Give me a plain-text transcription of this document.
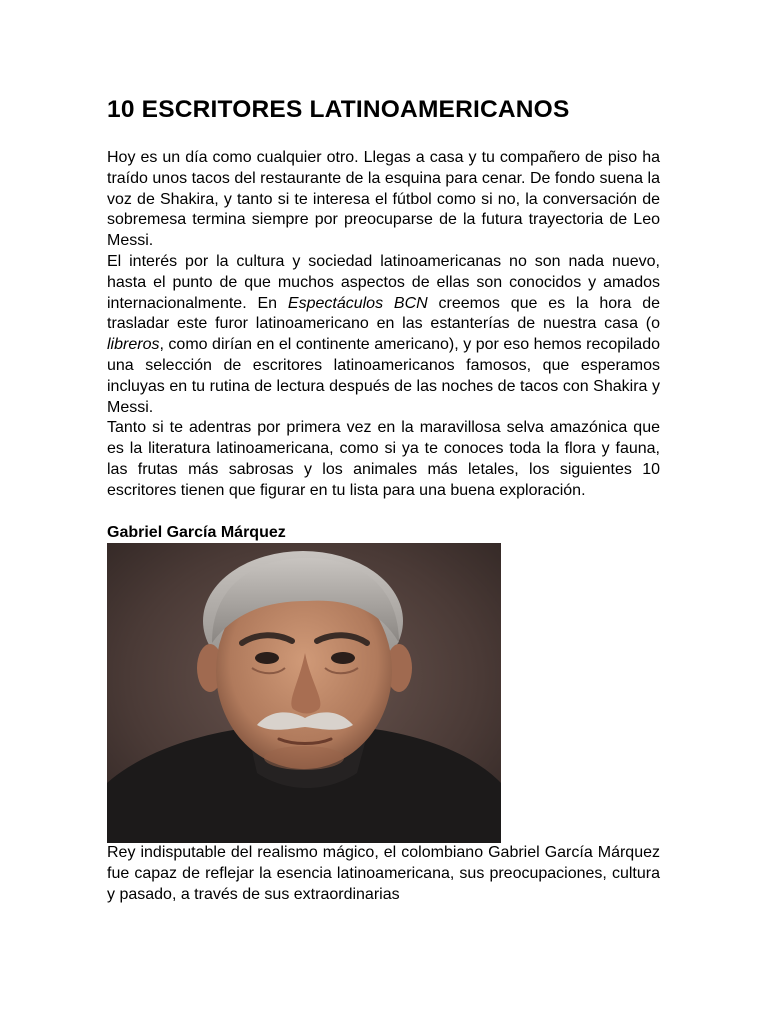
10 ESCRITORES LATINOAMERICANOS

Hoy es un día como cualquier otro. Llegas a casa y tu compañero de piso ha traído unos tacos del restaurante de la esquina para cenar. De fondo suena la voz de Shakira, y tanto si te interesa el fútbol como si no, la conversación de sobremesa termina siempre por preocuparse de la futura trayectoria de Leo Messi.

El interés por la cultura y sociedad latinoamericanas no son nada nuevo, hasta el punto de que muchos aspectos de ellas son conocidos y amados internacionalmente. En Espectáculos BCN creemos que es la hora de trasladar este furor latinoamericano en las estanterías de nuestra casa (o libreros, como dirían en el continente americano), y por eso hemos recopilado una selección de escritores latinoamericanos famosos, que esperamos incluyas en tu rutina de lectura después de las noches de tacos con Shakira y Messi.

Tanto si te adentras por primera vez en la maravillosa selva amazónica que es la literatura latinoamericana, como si ya te conoces toda la flora y fauna, las frutas más sabrosas y los animales más letales, los siguientes 10 escritores tienen que figurar en tu lista para una buena exploración.

Gabriel García Márquez

Rey indisputable del realismo mágico, el colombiano Gabriel García Márquez fue capaz de reflejar la esencia latinoamericana, sus preocupaciones, cultura y pasado, a través de sus extraordinarias
